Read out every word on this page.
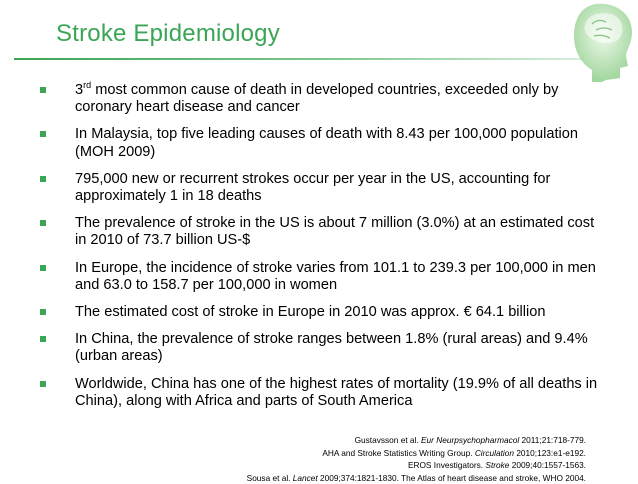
Stroke Epidemiology
3rd most common cause of death in developed countries, exceeded only by coronary heart disease and cancer
In Malaysia, top five leading causes of death with 8.43 per 100,000 population (MOH 2009)
795,000 new or recurrent strokes occur per year in the US, accounting for approximately 1 in 18 deaths
The prevalence of stroke in the US is about 7 million (3.0%) at an estimated cost in 2010 of 73.7 billion US-$
In Europe, the incidence of stroke varies from 101.1 to 239.3 per 100,000 in men and 63.0 to 158.7 per 100,000 in women
The estimated cost of stroke in Europe in 2010 was approx. € 64.1 billion
In China, the prevalence of stroke ranges between 1.8% (rural areas) and 9.4% (urban areas)
Worldwide, China has one of the highest rates of mortality (19.9% of all deaths in China), along with Africa and parts of South America
Gustavsson et al. Eur Neurpsychopharmacol 2011;21:718-779.
AHA and Stroke Statistics Writing Group. Circulation 2010;123:e1-e192.
EROS Investigators. Stroke 2009;40:1557-1563.
Sousa et al. Lancet 2009;374:1821-1830. The Atlas of heart disease and stroke, WHO 2004.
